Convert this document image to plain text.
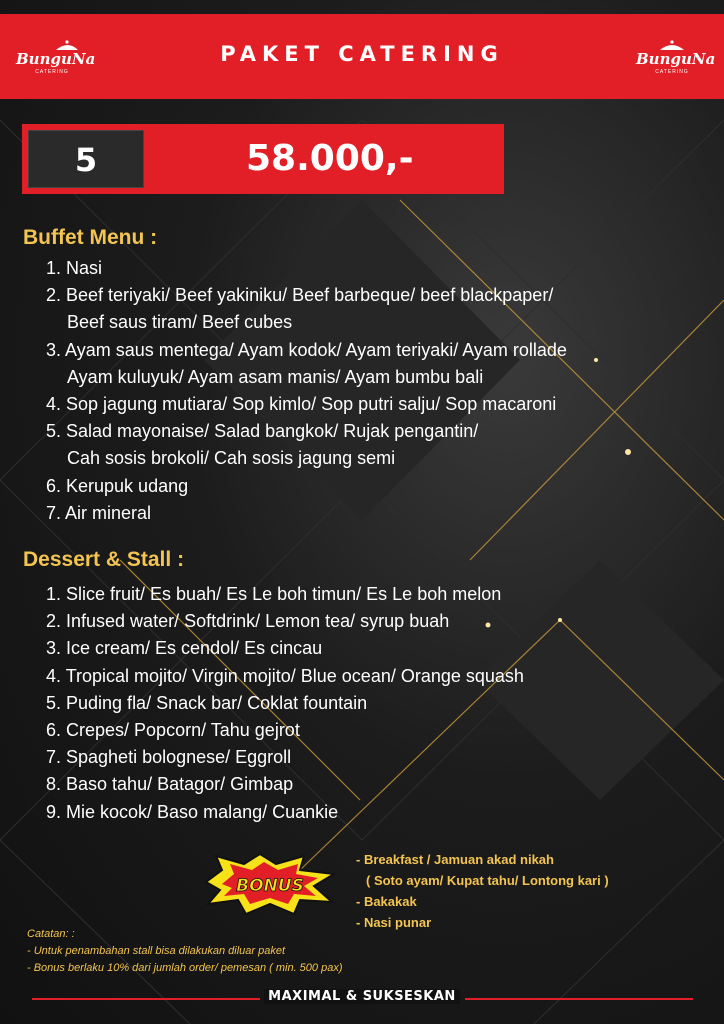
BunguNa
CATERING
PAKET CATERING	BunguNa
CATERING
5	58.000,-
Buffet Menu :
1. Nasi
2. Beef teriyaki/ Beef yakiniku/ Beef barbeque/ beef blackpaper/
Beef saus tiram/ Beef cubes
3. Ayam saus mentega/ Ayam kodok/ Ayam teriyaki/ Ayam rollade
Ayam kuluyuk/ Ayam asam manis/ Ayam bumbu bali
4. Sop jagung mutiara/ Sop kimlo/ Sop putri salju/ Sop macaroni
5. Salad mayonaise/ Salad bangkok/ Rujak pengantin/
Cah sosis brokoli/ Cah sosis jagung semi
6. Kerupuk udang
7. Air mineral
Dessert & Stall :
1. Slice fruit/ Es buah/ Es Le boh timun/ Es Le boh melon
2. Infused water/ Softdrink/ Lemon tea/ syrup buah
3. Ice cream/ Es cendol/ Es cincau
4. Tropical mojito/ Virgin mojito/ Blue ocean/ Orange squash
5. Puding fla/ Snack bar/ Coklat fountain
6. Crepes/ Popcorn/ Tahu gejrot
7. Spagheti bolognese/ Eggroll
8. Baso tahu/ Batagor/ Gimbap
9. Mie kocok/ Baso malang/ Cuankie
BONUS
- Breakfast / Jamuan akad nikah
( Soto ayam/ Kupat tahu/ Lontong kari )
- Bakakak
- Nasi punar
Catatan: :
- Untuk penambahan stall bisa dilakukan diluar paket
- Bonus berlaku 10% dari jumlah order/ pemesan ( min. 500 pax)
MAXIMAL & SUKSESKAN
